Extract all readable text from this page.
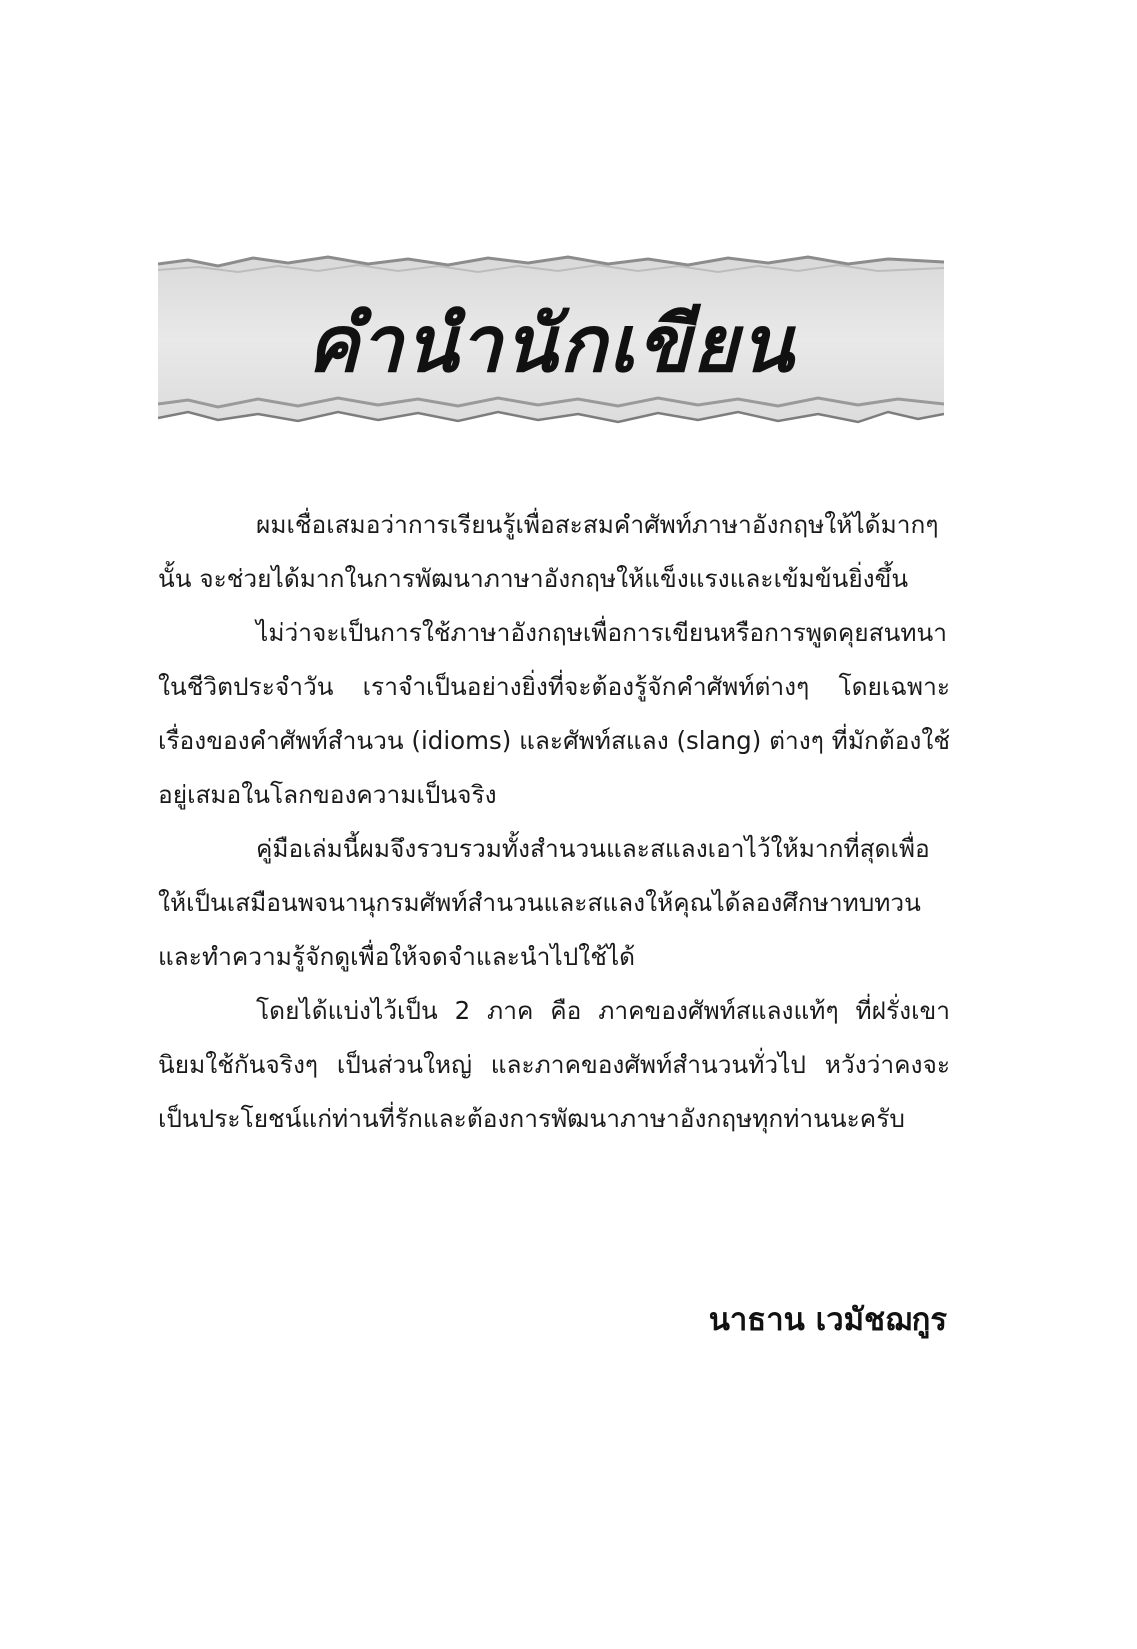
คำนำนักเขียน

ผมเชื่อเสมอว่าการเรียนรู้เพื่อสะสมคำศัพท์ภาษาอังกฤษให้ได้มากๆ นั้น จะช่วยได้มากในการพัฒนาภาษาอังกฤษให้แข็งแรงและเข้มข้นยิ่งขึ้น

ไม่ว่าจะเป็นการใช้ภาษาอังกฤษเพื่อการเขียนหรือการพูดคุยสนทนาในชีวิตประจำวัน เราจำเป็นอย่างยิ่งที่จะต้องรู้จักคำศัพท์ต่างๆ โดยเฉพาะเรื่องของคำศัพท์สำนวน (idioms) และศัพท์สแลง (slang) ต่างๆ ที่มักต้องใช้อยู่เสมอในโลกของความเป็นจริง

คู่มือเล่มนี้ผมจึงรวบรวมทั้งสำนวนและสแลงเอาไว้ให้มากที่สุดเพื่อให้เป็นเสมือนพจนานุกรมศัพท์สำนวนและสแลงให้คุณได้ลองศึกษาทบทวน และทำความรู้จักดูเพื่อให้จดจำและนำไปใช้ได้

โดยได้แบ่งไว้เป็น 2 ภาค คือ ภาคของศัพท์สแลงแท้ๆ ที่ฝรั่งเขานิยมใช้กันจริงๆ เป็นส่วนใหญ่ และภาคของศัพท์สำนวนทั่วไป หวังว่าคงจะเป็นประโยชน์แก่ท่านที่รักและต้องการพัฒนาภาษาอังกฤษทุกท่านนะครับ

นาธาน เวมัชฌกูร
